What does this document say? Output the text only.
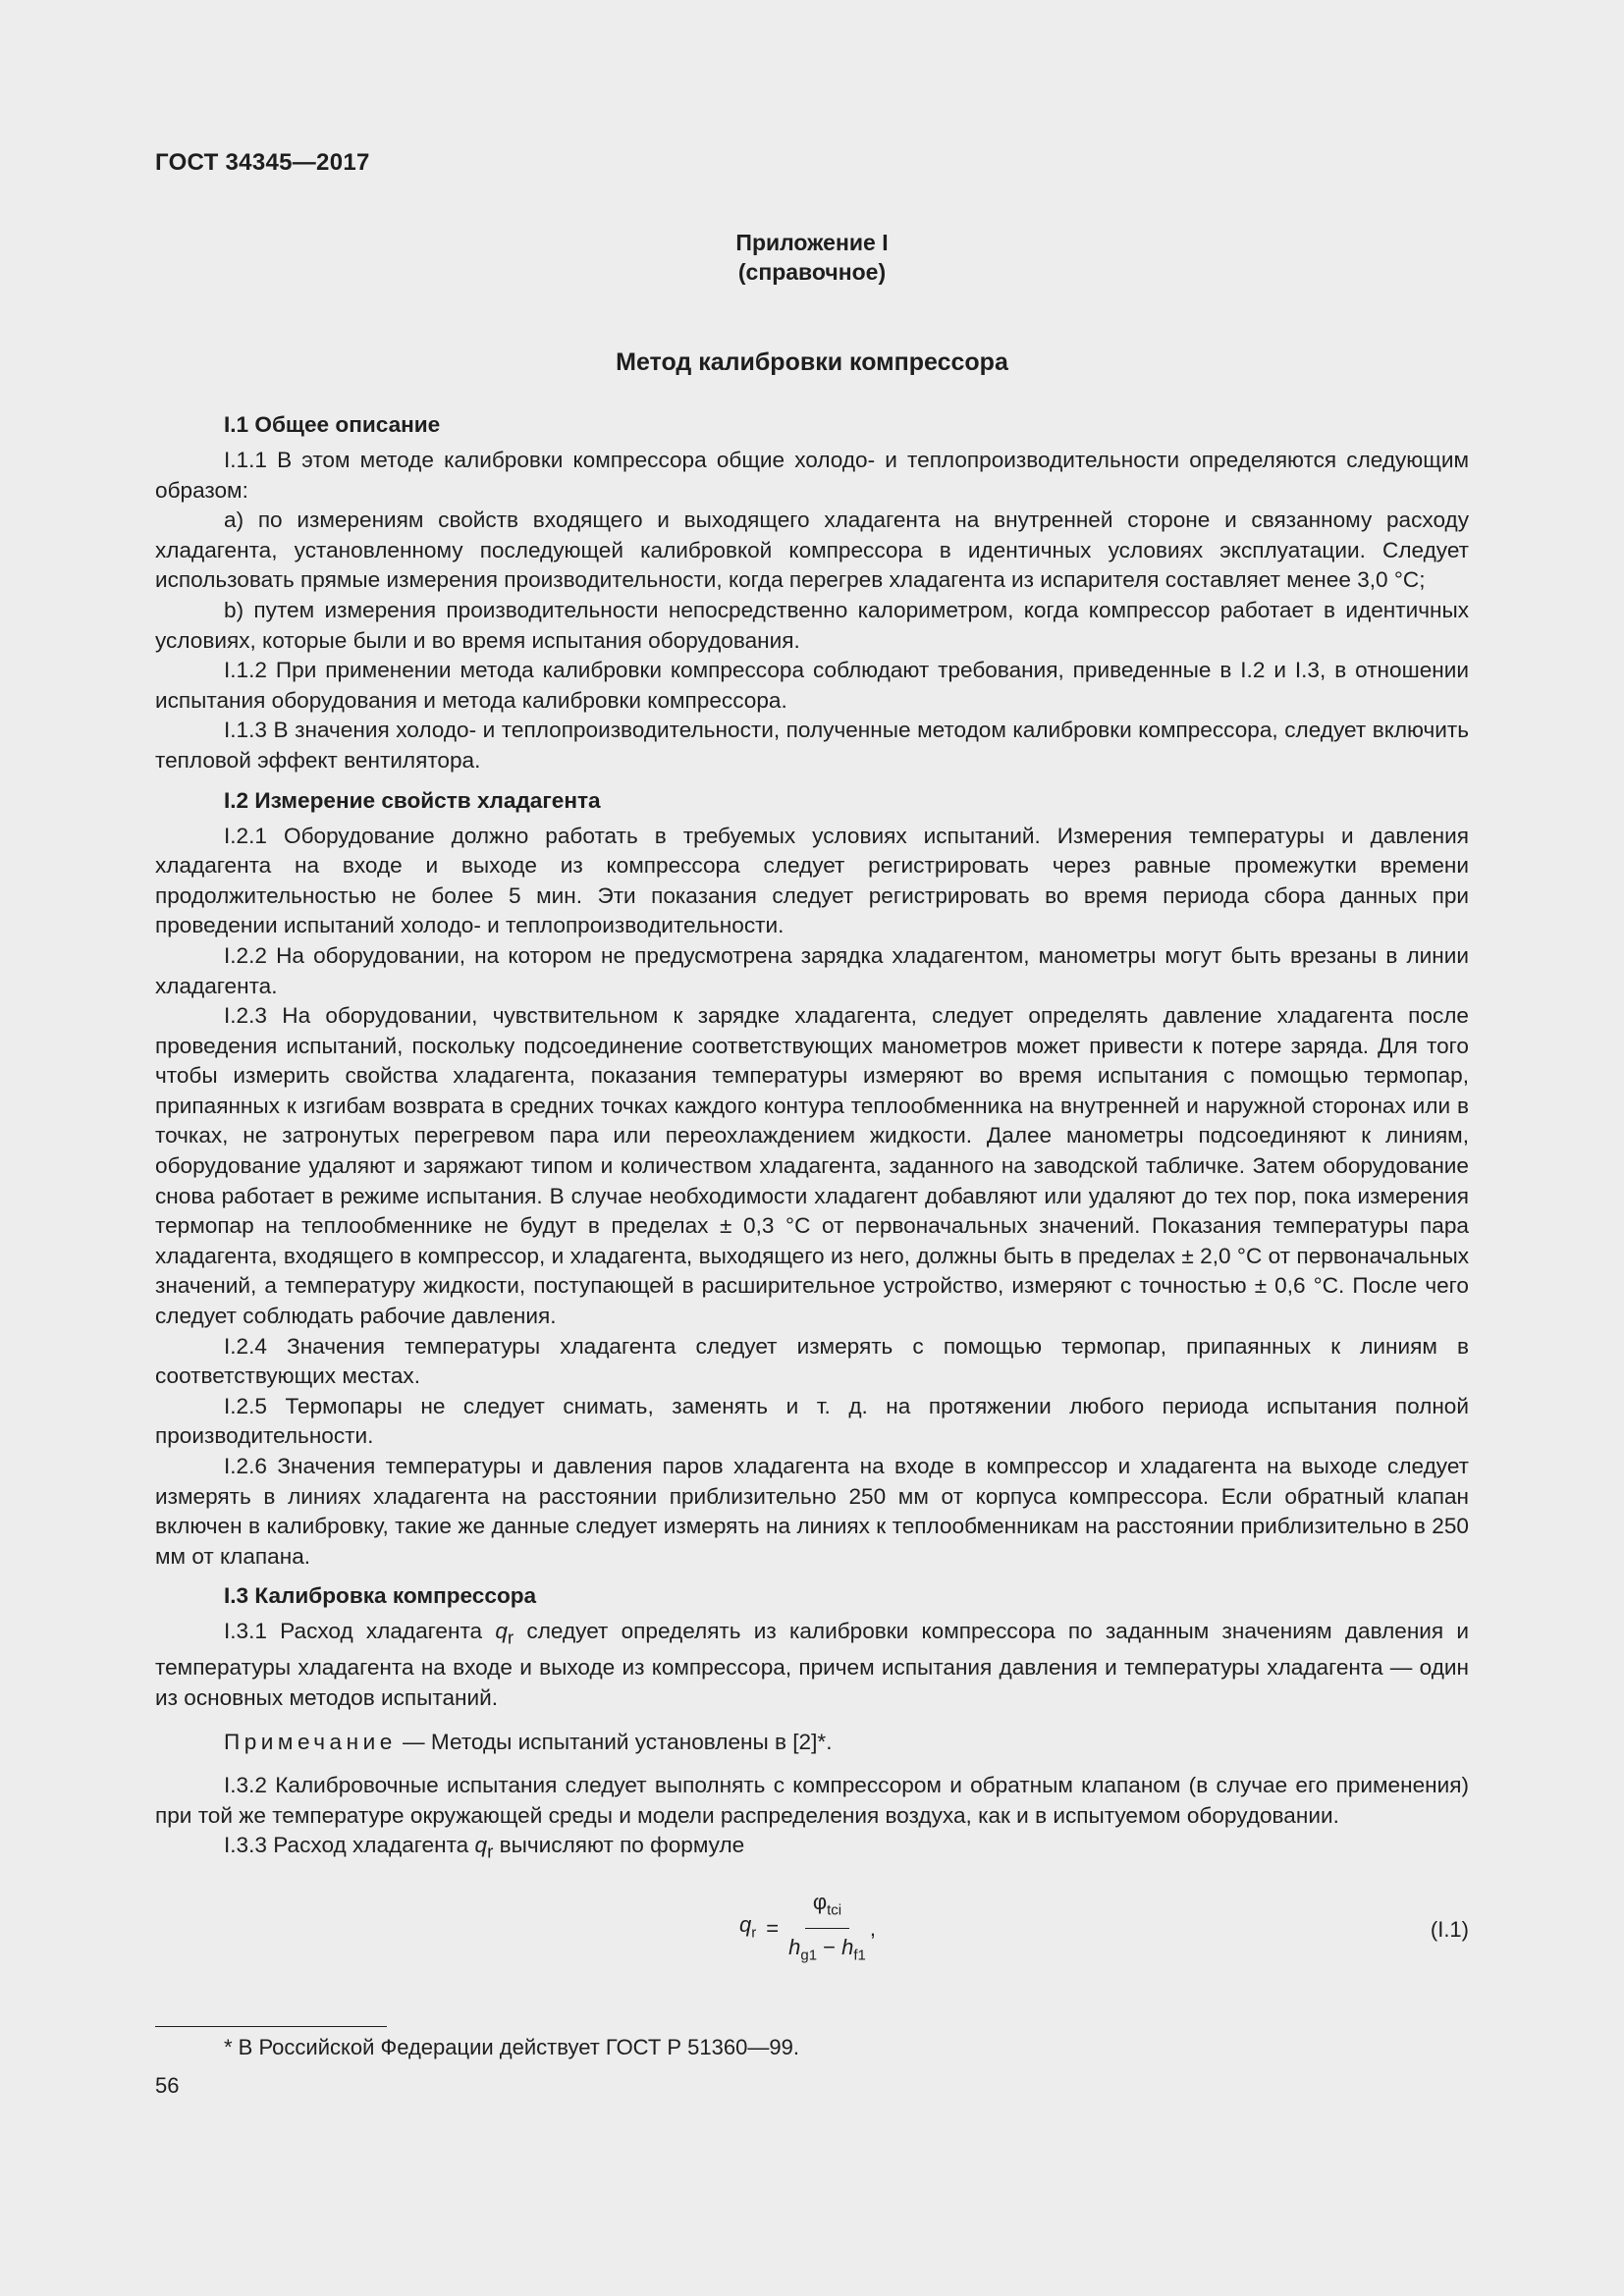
ГОСТ 34345—2017
Приложение I
(справочное)
Метод калибровки компрессора
I.1 Общее описание

I.1.1 В этом методе калибровки компрессора общие холодо- и теплопроизводительности определяются следующим образом:

а) по измерениям свойств входящего и выходящего хладагента на внутренней стороне и связанному расходу хладагента, установленному последующей калибровкой компрессора в идентичных условиях эксплуатации. Следует использовать прямые измерения производительности, когда перегрев хладагента из испарителя составляет менее 3,0 °С;

b) путем измерения производительности непосредственно калориметром, когда компрессор работает в идентичных условиях, которые были и во время испытания оборудования.

I.1.2 При применении метода калибровки компрессора соблюдают требования, приведенные в I.2 и I.3, в отношении испытания оборудования и метода калибровки компрессора.

I.1.3 В значения холодо- и теплопроизводительности, полученные методом калибровки компрессора, следует включить тепловой эффект вентилятора.

I.2 Измерение свойств хладагента

I.2.1 Оборудование должно работать в требуемых условиях испытаний. Измерения температуры и давления хладагента на входе и выходе из компрессора следует регистрировать через равные промежутки времени продолжительностью не более 5 мин. Эти показания следует регистрировать во время периода сбора данных при проведении испытаний холодо- и теплопроизводительности.

I.2.2 На оборудовании, на котором не предусмотрена зарядка хладагентом, манометры могут быть врезаны в линии хладагента.

I.2.3 На оборудовании, чувствительном к зарядке хладагента, следует определять давление хладагента после проведения испытаний, поскольку подсоединение соответствующих манометров может привести к потере заряда. Для того чтобы измерить свойства хладагента, показания температуры измеряют во время испытания с помощью термопар, припаянных к изгибам возврата в средних точках каждого контура теплообменника на внутренней и наружной сторонах или в точках, не затронутых перегревом пара или переохлаждением жидкости. Далее манометры подсоединяют к линиям, оборудование удаляют и заряжают типом и количеством хладагента, заданного на заводской табличке. Затем оборудование снова работает в режиме испытания. В случае необходимости хладагент добавляют или удаляют до тех пор, пока измерения термопар на теплообменнике не будут в пределах ± 0,3 °С от первоначальных значений. Показания температуры пара хладагента, входящего в компрессор, и хладагента, выходящего из него, должны быть в пределах ± 2,0 °С от первоначальных значений, а температуру жидкости, поступающей в расширительное устройство, измеряют с точностью ± 0,6 °С. После чего следует соблюдать рабочие давления.

I.2.4 Значения температуры хладагента следует измерять с помощью термопар, припаянных к линиям в соответствующих местах.

I.2.5 Термопары не следует снимать, заменять и т. д. на протяжении любого периода испытания полной производительности.

I.2.6 Значения температуры и давления паров хладагента на входе в компрессор и хладагента на выходе следует измерять в линиях хладагента на расстоянии приблизительно 250 мм от корпуса компрессора. Если обратный клапан включен в калибровку, такие же данные следует измерять на линиях к теплообменникам на расстоянии приблизительно в 250 мм от клапана.

I.3 Калибровка компрессора

I.3.1 Расход хладагента $q_r$ следует определять из калибровки компрессора по заданным значениям давления и температуры хладагента на входе и выходе из компрессора, причем испытания давления и температуры хладагента — один из основных методов испытаний.

Примечание — Методы испытаний установлены в [2]*.

I.3.2 Калибровочные испытания следует выполнять с компрессором и обратным клапаном (в случае его применения) при той же температуре окружающей среды и модели распределения воздуха, как и в испытуемом оборудовании.

I.3.3 Расход хладагента $q_r$ вычисляют по формуле

$q_r = \frac{\varphi_{tci}}{h_{g1} - h_{f1}}$ ,	(I.1)
* В Российской Федерации действует ГОСТ Р 51360—99.
56
